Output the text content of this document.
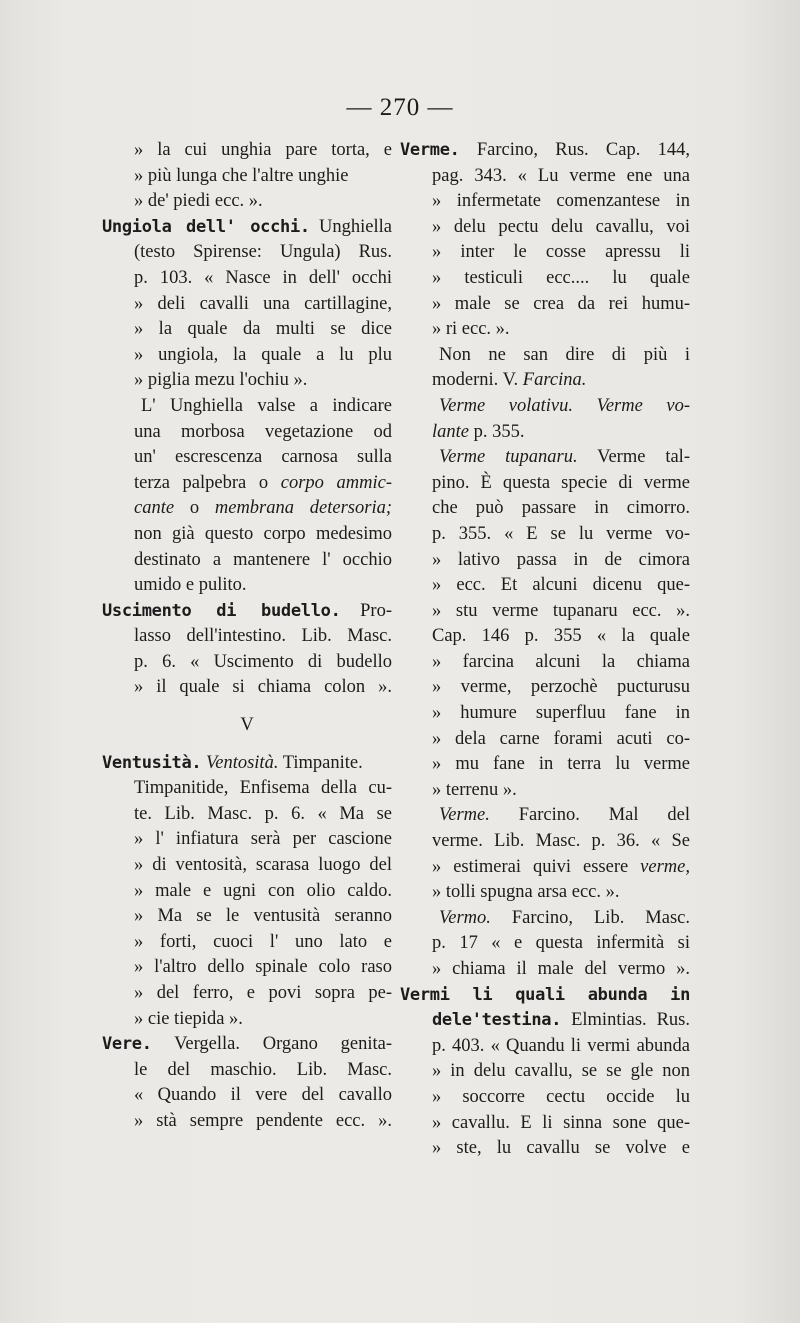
— 270 —
» la cui unghia pare torta, e
» più lunga che l'altre unghie
» de' piedi ecc. ».
Ungiola dell' occhi. Unghiella
(testo Spirense: Ungula) Rus.
p. 103. « Nasce in dell' occhi
» deli cavalli una cartillagine,
» la quale da multi se dice
» ungiola, la quale a lu plu
» piglia mezu l'ochiu ».
L' Unghiella valse a indicare
una morbosa vegetazione od
un' escrescenza carnosa sulla
terza palpebra o corpo ammic-
cante o membrana detersoria;
non già questo corpo medesimo
destinato a mantenere l' occhio
umido e pulito.
Uscimento di budello. Pro-
lasso dell'intestino. Lib. Masc.
p. 6. « Uscimento di budello
» il quale si chiama colon ».
V
Ventusità. Ventosità. Timpanite.
Timpanitide, Enfisema della cu-
te. Lib. Masc. p. 6. « Ma se
» l' infiatura serà per cascione
» di ventosità, scarasa luogo del
» male e ugni con olio caldo.
» Ma se le ventusità seranno
» forti, cuoci l' uno lato e
» l'altro dello spinale colo raso
» del ferro, e povi sopra pe-
» cie tiepida ».
Vere. Vergella. Organo genita-
le del maschio. Lib. Masc.
« Quando il vere del cavallo
» stà sempre pendente ecc. ».
Verme. Farcino, Rus. Cap. 144,
pag. 343. « Lu verme ene una
» infermetate comenzantese in
» delu pectu delu cavallu, voi
» inter le cosse apressu li
» testiculi ecc.... lu quale
» male se crea da rei humu-
» ri ecc. ».
Non ne san dire di più i
moderni. V. Farcina.
Verme volativu. Verme vo-
lante p. 355.
Verme tupanaru. Verme tal-
pino. È questa specie di verme
che può passare in cimorro.
p. 355. « E se lu verme vo-
» lativo passa in de cimora
» ecc. Et alcuni dicenu que-
» stu verme tupanaru ecc. ».
Cap. 146 p. 355 « la quale
» farcina alcuni la chiama
» verme, perzochè pucturusu
» humure superfluu fane in
» dela carne forami acuti co-
» mu fane in terra lu verme
» terrenu ».
Verme. Farcino. Mal del
verme. Lib. Masc. p. 36. « Se
» estimerai quivi essere verme,
» tolli spugna arsa ecc. ».
Vermo. Farcino, Lib. Masc.
p. 17 « e questa infermità si
» chiama il male del vermo ».
Vermi li quali abunda in
dele'testina. Elmintias. Rus.
p. 403. « Quandu li vermi abunda
» in delu cavallu, se se gle non
» soccorre cectu occide lu
» cavallu. E li sinna sone que-
» ste, lu cavallu se volve e
